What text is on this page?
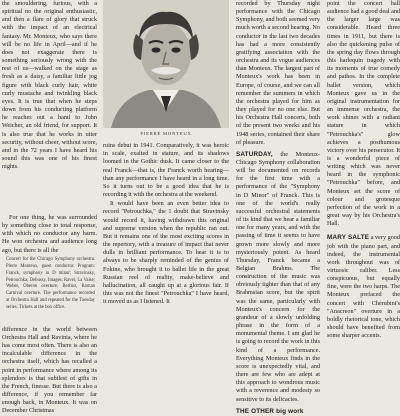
the smouldering, furious, with a spiritual no the original enthusiastic, and then a flare of glory that struck with the impact of an electrical fantasy. Mr. Monteux, who says there will be no life in April—and if he does not exaggerate there is something seriously wrong with the rest of us—walked on the stage as fresh as a daisy, a familiar little jog figure with black curly hair, white curly mustache and twinkling black eyes. It is true that when he steps down from his conducting platform he reaches out a hand to John Weicher, an old friend, for support. It is also true that he works in utter security, without cheer, without score, and in the 72 years I have heard his sound this was one of his finest nights.

For one thing, he was surrounded by something close to total response, with which no conductor any harm. He won orchestra and audience long ago, but there is all the

Concert for the Chicago Symphony orchestra. Pierre Monteux, guest conductor. Program: Franck, symphony in D minor; Stravinsky, Petrouchka; Debussy, Images; Ravel, La Valse; Weber, Oberon overture; Berlioz, Roman Carnival overture. The performance recorded at Orchestra Hall and repeated for the Tuesday series. Tickets at the box office.

difference in the world between Orchestra Hall and Ravinia, where he has come most often. There is also an incalculable difference in the orchestra itself, which has recalled a point in performance where among its splendors is that subtlest of gifts in the French, finesse. But there is also a difference, if you remember far enough back, in Monteux. It was on December Christmas

PIERRE MONTEUX

ruins debut in 1941. Comparatively, it was heroic in scale, exalted in stature, and its shadows loomed in the Gothic dusk. It came closer to the real Franck—that is, the Franck worth hearing—than any performance I have heard in a long time. So it turns out to be a good idea that he is recording it with the orchestra at the weekend.

It would have been an even better idea to record "Petrouchka," the 1 doubt that Stravinsky would record it, having withdrawn this original and supreme version when the republic ran out. But it remains one of the most exciting scores in the repertory, with a treasure of impact that never dulls in brilliant performance. To hear it is to always to be sharply reminded of the genius of Fokine, who brought it to ballet life in the great Russian reel of reality, make-believe and hallucination, all caught up at a glorious fair. If this was not the finest "Petrouchka" I have heard, it moved us as I listened. It

recorded by Thursday night performance with the Chicago Symphony, and both seemed very much worth a second hearing. No conductor in the last two decades has had a more consistently gratifying association with the orchestra and its vogue audiences than Monteux. The largest part of Monteux's work has been in Europe, of course, and we can all remember the summers in which the orchestra played for him as they played for no one else. But his Orchestra Hall concerts, both of the present two weeks and his 1948 series, contained their share of pleasure.

SATURDAY, the Monteux-Chicago Symphony collaboration will be documented on records for the first time with a performance of the "Symphony in D Minor" of Franck. This is one of the world's really successful orchestral statements of its kind that we hear a familiar one for many years, and with the passing of time it seems to have grown more slowly and more mysteriously potent. As heard Thursday, Franck became a Belgian Brahms. The construction of the music was obviously tighter than that of any Brahmsian score, but the spirit was the same, particularly with Monteux's concern for the grandeur of a slowly unfolding phrase in the form of a monumental theme. I am glad he is going to record the work in this kind of a performance. Everything Monteux finds in the score is unexpectedly vital, and there are few who are adept at this approach to wondrous music with a reverence and modesty so sensitive to its delicacies.

THE OTHER big work

point the concert hall audience had a good deal and the larger large was considerable. Heard three times in 1911, but there is also the quickening pulse of the spring day flows through this harlequin tragedy with its moments of true comedy and pathos. In the complete ballet version, which Monteux gave us in the original instrumentation for an immense orchestra, the work shines with a radiant stature in which "Petrouchka's" glow achieves a posthumous victory over his persecutor. It is a wonderful piece of writing which was never heard in the symphonic "Petrouchka" before, and Monteux set the score of colour and grotesque perfection of the work in a great way by his Orchestra's Hall.

MARY SALTE a very good job with the piano part, and indeed, the instrumental work throughout was of virtuosic caliber. Less conspicuous, but equally fine, were the two harps. The Monteux prefaced the concert with Cherubini's "Anacreon" overture in a boldly rhetorical tone, which should have benefited from some sharper accents.
